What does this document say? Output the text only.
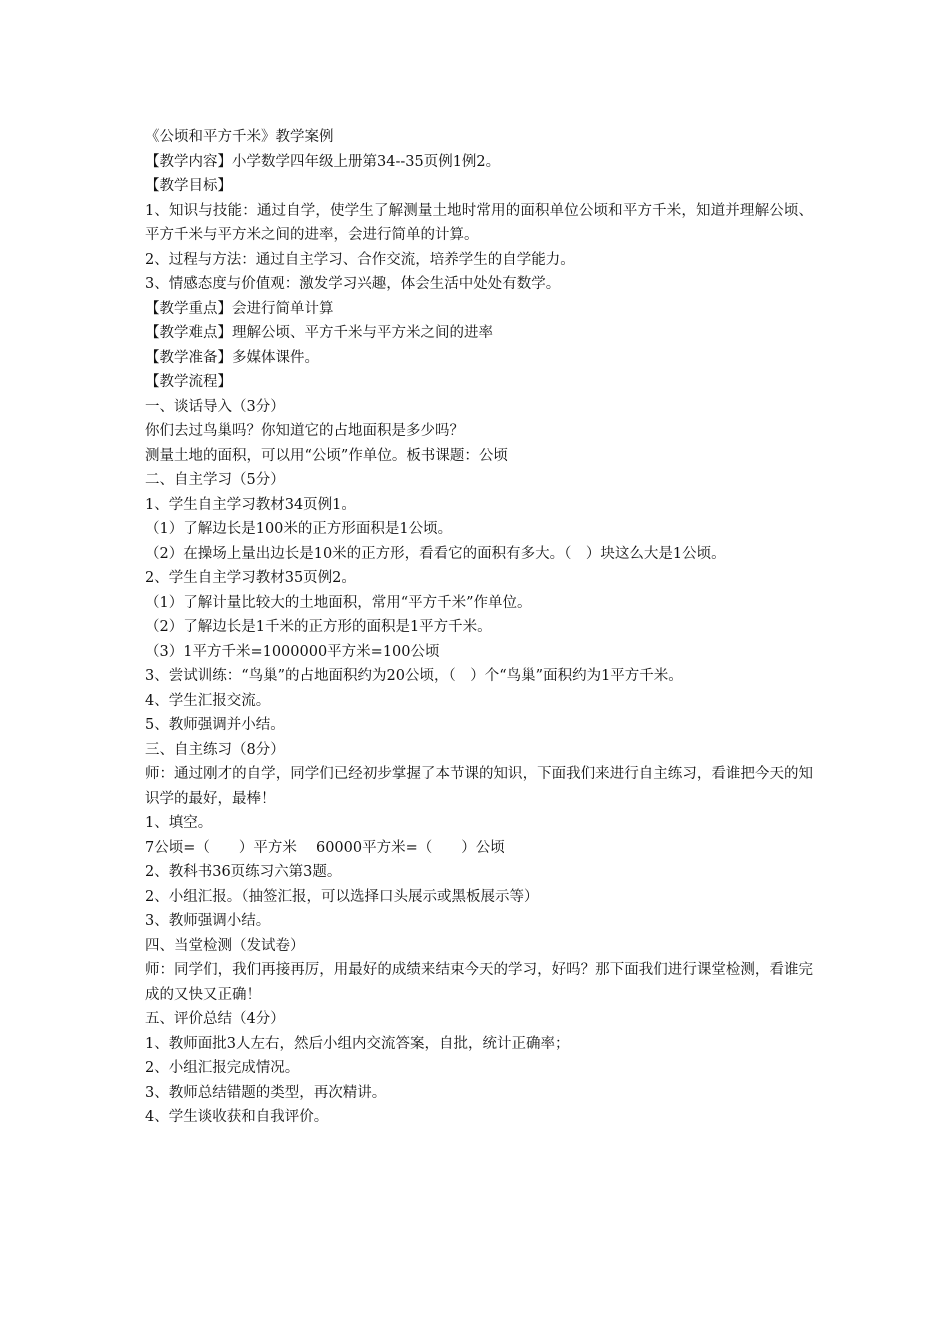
《公顷和平方千米》教学案例

【教学内容】小学数学四年级上册第34--35页例1例2。

【教学目标】

1、知识与技能：通过自学，使学生了解测量土地时常用的面积单位公顷和平方千米，知道并理解公顷、平方千米与平方米之间的进率，会进行简单的计算。

2、过程与方法：通过自主学习、合作交流，培养学生的自学能力。

3、情感态度与价值观：激发学习兴趣，体会生活中处处有数学。

【教学重点】会进行简单计算

【教学难点】理解公顷、平方千米与平方米之间的进率

【教学准备】多媒体课件。

【教学流程】

一、谈话导入（3分）

你们去过鸟巢吗？你知道它的占地面积是多少吗？

测量土地的面积，可以用“公顷”作单位。板书课题：公顷

二、自主学习（5分）

1、学生自主学习教材34页例1。

（1）了解边长是100米的正方形面积是1公顷。

（2）在操场上量出边长是10米的正方形，看看它的面积有多大。（　）块这么大是1公顷。

2、学生自主学习教材35页例2。

（1）了解计量比较大的土地面积，常用“平方千米”作单位。

（2）了解边长是1千米的正方形的面积是1平方千米。

（3）1平方千米=1000000平方米=100公顷

3、尝试训练：“鸟巢”的占地面积约为20公顷，（　）个“鸟巢”面积约为1平方千米。

4、学生汇报交流。

5、教师强调并小结。

三、自主练习（8分）

师：通过刚才的自学，同学们已经初步掌握了本节课的知识，下面我们来进行自主练习，看谁把今天的知识学的最好，最棒！

1、填空。

7公顷=（　　）平方米　 60000平方米=（　　）公顷

2、教科书36页练习六第3题。

2、小组汇报。（抽签汇报，可以选择口头展示或黑板展示等）

3、教师强调小结。

四、当堂检测（发试卷）

师：同学们，我们再接再厉，用最好的成绩来结束今天的学习，好吗？那下面我们进行课堂检测，看谁完成的又快又正确！

五、评价总结（4分）

1、教师面批3人左右，然后小组内交流答案，自批，统计正确率；

2、小组汇报完成情况。

3、教师总结错题的类型，再次精讲。

4、学生谈收获和自我评价。
